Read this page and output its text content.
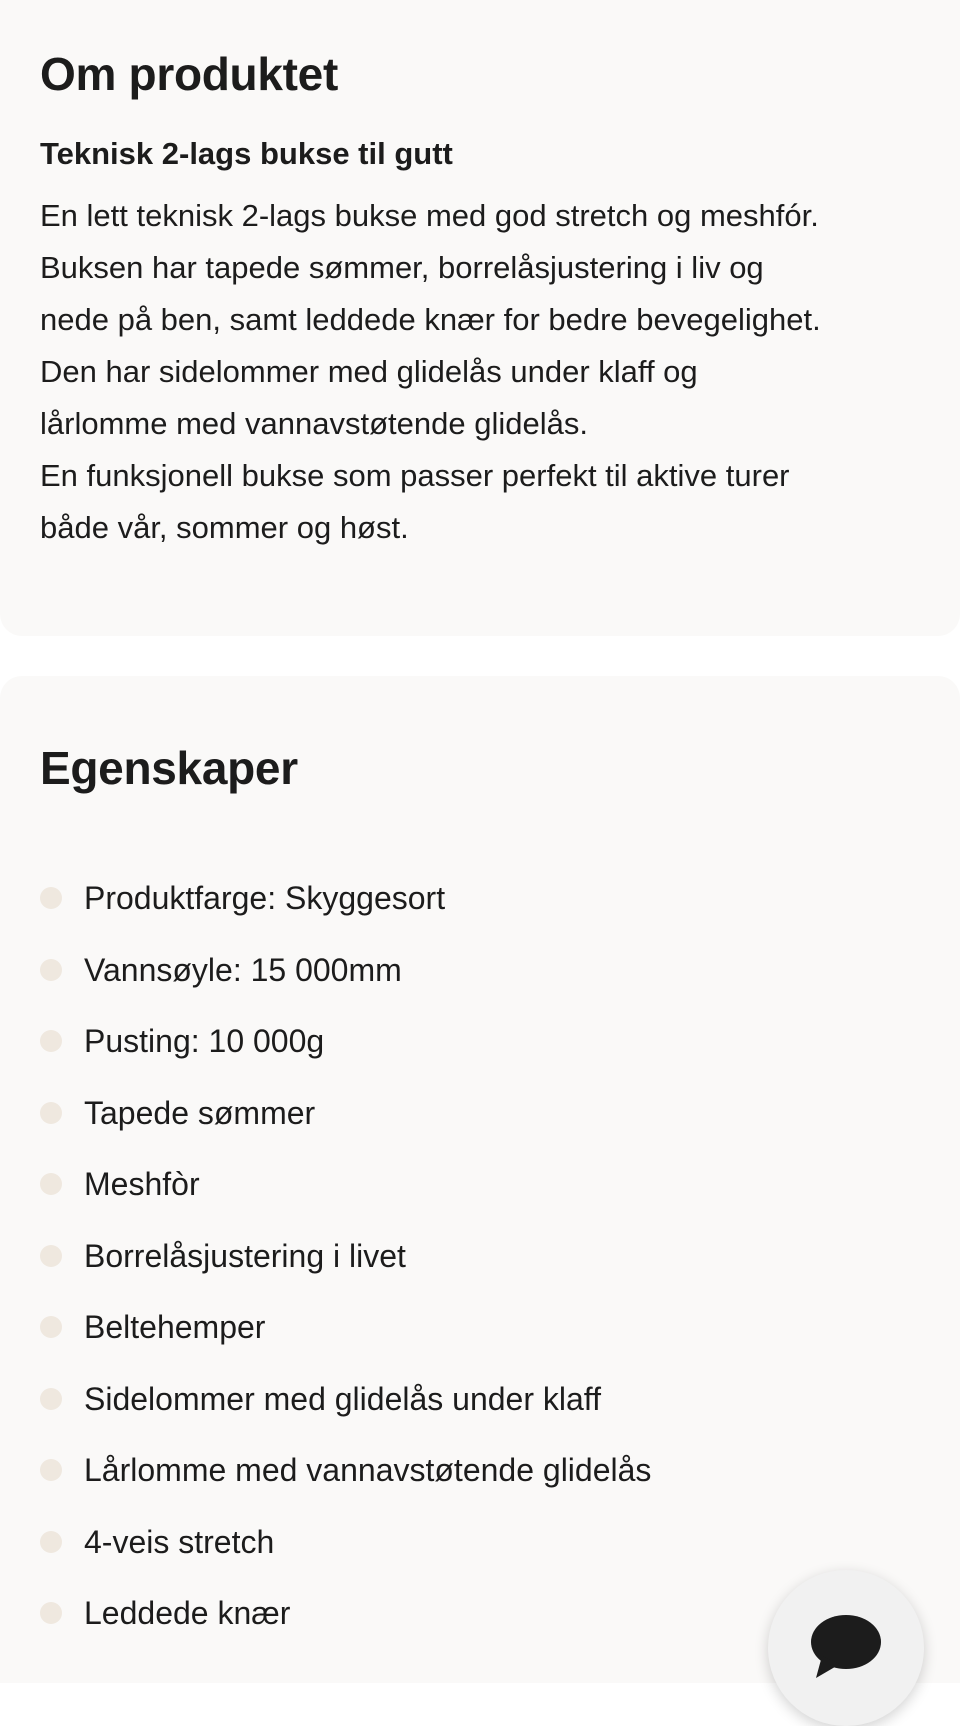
Om produktet
Teknisk 2-lags bukse til gutt

En lett teknisk 2-lags bukse med god stretch og meshfór.
Buksen har tapede sømmer, borrelåsjustering i liv og
nede på ben, samt leddede knær for bedre bevegelighet.
Den har sidelommer med glidelås under klaff og
lårlomme med vannavstøtende glidelås.
En funksjonell bukse som passer perfekt til aktive turer
både vår, sommer og høst.

Egenskaper
Produktfarge: Skyggesort
Vannsøyle: 15 000mm
Pusting: 10 000g
Tapede sømmer
Meshfòr
Borrelåsjustering i livet
Beltehemper
Sidelommer med glidelås under klaff
Lårlomme med vannavstøtende glidelås
4-veis stretch
Leddede knær
